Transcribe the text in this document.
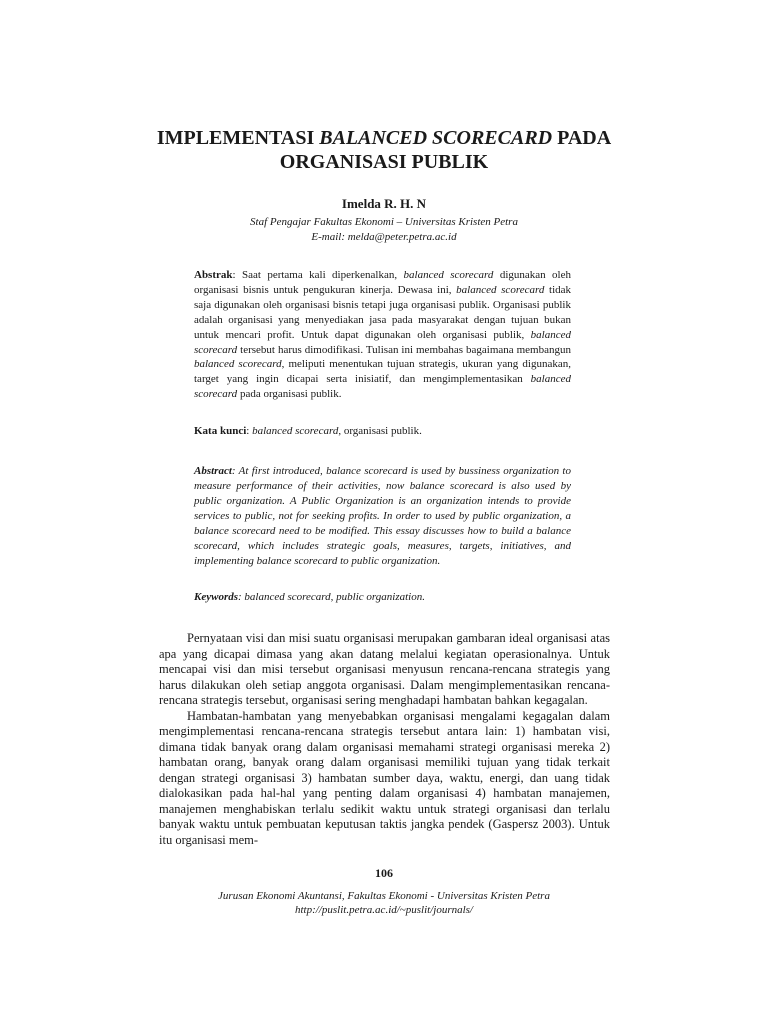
IMPLEMENTASI BALANCED SCORECARD PADA
ORGANISASI PUBLIK
Imelda R. H. N
Staf Pengajar Fakultas Ekonomi – Universitas Kristen Petra
E-mail: melda@peter.petra.ac.id

Abstrak: Saat pertama kali diperkenalkan, balanced scorecard digunakan oleh organisasi bisnis untuk pengukuran kinerja. Dewasa ini, balanced scorecard tidak saja digunakan oleh organisasi bisnis tetapi juga organisasi publik. Organisasi publik adalah organisasi yang menyediakan jasa pada masyarakat dengan tujuan bukan untuk mencari profit. Untuk dapat digunakan oleh organisasi publik, balanced scorecard tersebut harus dimodifikasi. Tulisan ini membahas bagaimana membangun balanced scorecard, meliputi menentukan tujuan strategis, ukuran yang digunakan, target yang ingin dicapai serta inisiatif, dan mengimplementasikan balanced scorecard pada organisasi publik.

Kata kunci: balanced scorecard, organisasi publik.

Abstract: At first introduced, balance scorecard is used by bussiness organization to measure performance of their activities, now balance scorecard is also used by public organization. A Public Organization is an organization intends to provide services to public, not for seeking profits. In order to used by public organization, a balance scorecard need to be modified. This essay discusses how to build a balance scorecard, which includes strategic goals, measures, targets, initiatives, and implementing balance scorecard to public organization.

Keywords: balanced scorecard, public organization.

Pernyataan visi dan misi suatu organisasi merupakan gambaran ideal organisasi atas apa yang dicapai dimasa yang akan datang melalui kegiatan operasionalnya. Untuk mencapai visi dan misi tersebut organisasi menyusun rencana-rencana strategis yang harus dilakukan oleh setiap anggota organisasi. Dalam mengimplementasikan rencana-rencana strategis tersebut, organisasi sering menghadapi hambatan bahkan kegagalan.

Hambatan-hambatan yang menyebabkan organisasi mengalami kegagalan dalam mengimplementasi rencana-rencana strategis tersebut antara lain: 1) hambatan visi, dimana tidak banyak orang dalam organisasi memahami strategi organisasi mereka 2) hambatan orang, banyak orang dalam organisasi memiliki tujuan yang tidak terkait dengan strategi organisasi 3) hambatan sumber daya, waktu, energi, dan uang tidak dialokasikan pada hal-hal yang penting dalam organisasi 4) hambatan manajemen, manajemen menghabiskan terlalu sedikit waktu untuk strategi organisasi dan terlalu banyak waktu untuk pembuatan keputusan taktis jangka pendek (Gaspersz 2003). Untuk itu organisasi mem-

106
Jurusan Ekonomi Akuntansi, Fakultas Ekonomi - Universitas Kristen Petra
http://puslit.petra.ac.id/~puslit/journals/
